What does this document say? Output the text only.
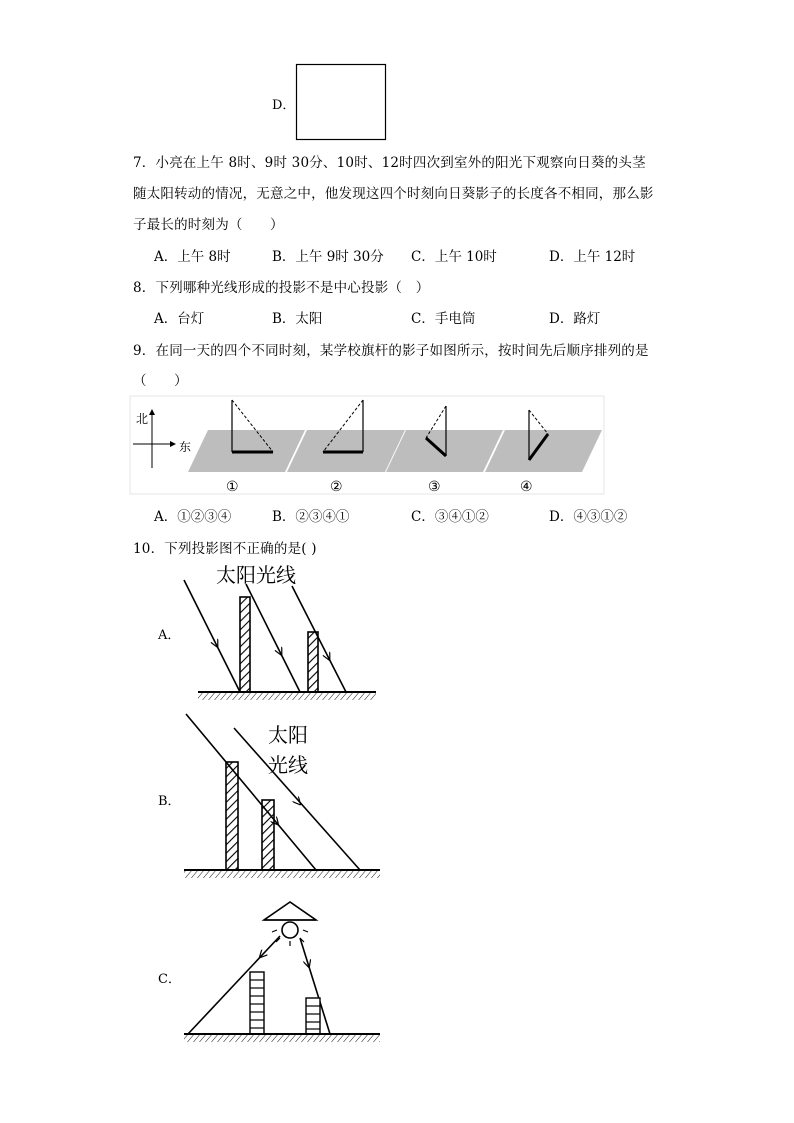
D．
7．小亮在上午 8时、9时 30分、10时、12时四次到室外的阳光下观察向日葵的头茎
随太阳转动的情况，无意之中，他发现这四个时刻向日葵影子的长度各不相同，那么影
子最长的时刻为（　　）
A．上午 8时	B．上午 9时 30分 C．上午 10时	D．上午 12时
8．下列哪种光线形成的投影不是中心投影（　）
A．台灯	B．太阳	C．手电筒	D．路灯
9．在同一天的四个不同时刻，某学校旗杆的影子如图所示，按时间先后顺序排列的是
（　　）
北
东
①	②	③	④
A．①②③④	B．②③④①	C．③④①②	D．④③①②
10．下列投影图不正确的是( )
A．
太阳光线
B．
太阳
光线
C．
